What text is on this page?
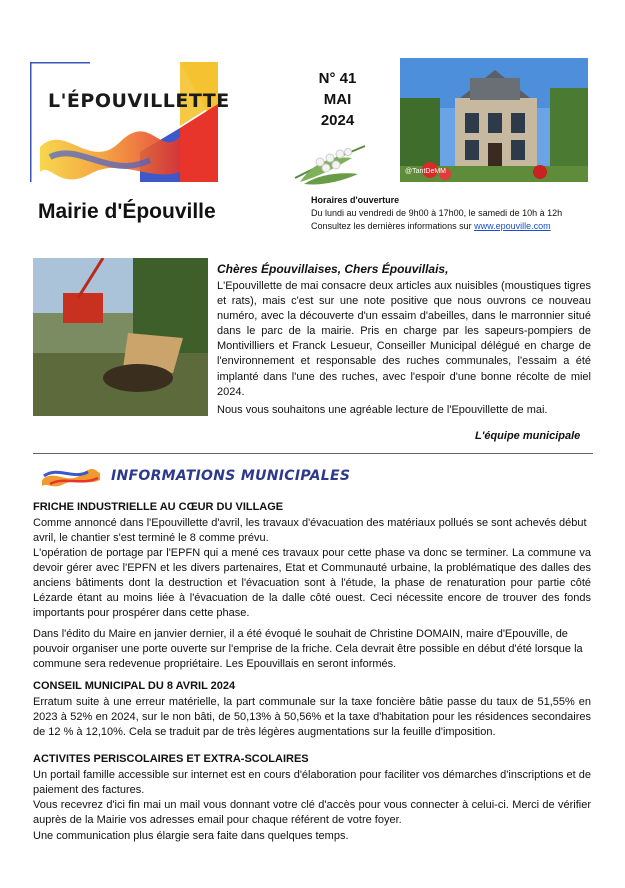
L'ÉPOUVILLETTE
Mairie d'Épouville
N° 41
MAI
2024
@TantDeMM
Horaires d'ouverture
Du lundi au vendredi de 9h00 à 17h00, le samedi de 10h à 12h
Consultez les dernières informations sur www.epouville.com
Chères Épouvillaises, Chers Épouvillais,
L'Epouvillette de mai consacre deux articles aux nuisibles (moustiques tigres et rats), mais c'est sur une note positive que nous ouvrons ce nouveau numéro, avec la découverte d'un essaim d'abeilles, dans le marronnier situé dans le parc de la mairie. Pris en charge par les sapeurs-pompiers de Montivilliers et Franck Lesueur, Conseiller Municipal délégué en charge de l'environnement et responsable des ruches communales, l'essaim a été implanté dans l'une des ruches, avec l'espoir d'une bonne récolte de miel 2024.
Nous vous souhaitons une agréable lecture de l'Epouvillette de mai.
L'équipe municipale
INFORMATIONS MUNICIPALES
FRICHE INDUSTRIELLE AU CŒUR DU VILLAGE
Comme annoncé dans l'Epouvillette d'avril, les travaux d'évacuation des matériaux pollués se sont achevés début avril, le chantier s'est terminé le 8 comme prévu.
L'opération de portage par l'EPFN qui a mené ces travaux pour cette phase va donc se terminer. La commune va devoir gérer avec l'EPFN et les divers partenaires, Etat et Communauté urbaine, la problématique des dalles des anciens bâtiments dont la destruction et l'évacuation sont à l'étude, la phase de renaturation pour partie côté Lézarde étant au moins liée à l'évacuation de la dalle côté ouest. Ceci nécessite encore de trouver des fonds importants pour prospérer dans cette phase.
Dans l'édito du Maire en janvier dernier, il a été évoqué le souhait de Christine DOMAIN, maire d'Epouville, de pouvoir organiser une porte ouverte sur l'emprise de la friche. Cela devrait être possible en début d'été lorsque la commune sera redevenue propriétaire. Les Epouvillais en seront informés.
CONSEIL MUNICIPAL DU 8 AVRIL 2024
Erratum suite à une erreur matérielle, la part communale sur la taxe foncière bâtie passe du taux de 51,55% en 2023 à 52% en 2024, sur le non bâti, de 50,13% à 50,56% et la taxe d'habitation pour les résidences secondaires de 12 % à 12,10%. Cela se traduit par de très légères augmentations sur la feuille d'imposition.
ACTIVITES PERISCOLAIRES ET EXTRA-SCOLAIRES
Un portail famille accessible sur internet est en cours d'élaboration pour faciliter vos démarches d'inscriptions et de paiement des factures.
Vous recevrez d'ici fin mai un mail vous donnant votre clé d'accès pour vous connecter à celui-ci. Merci de vérifier auprès de la Mairie vos adresses email pour chaque référent de votre foyer.
Une communication plus élargie sera faite dans quelques temps.
